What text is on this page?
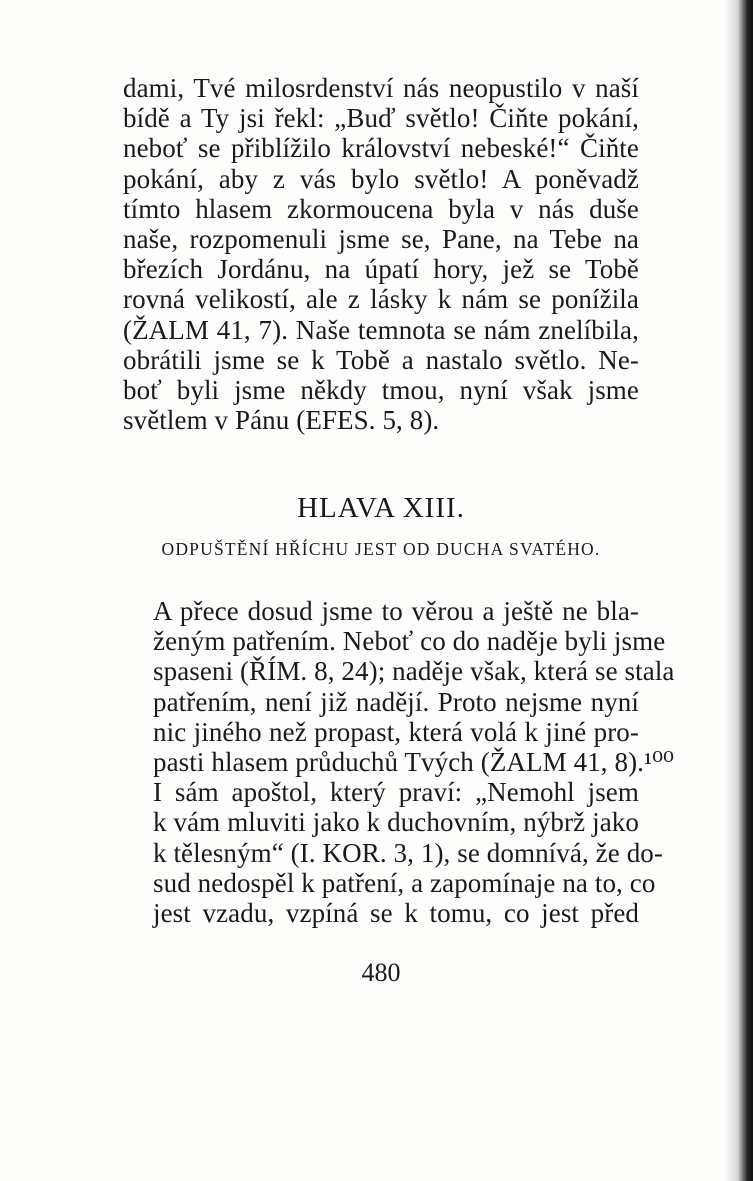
dami, Tvé milosrdenství nás neopustilo v naší
bídě a Ty jsi řekl: „Buď světlo! Čiňte pokání,
neboť se přiblížilo království nebeské!“ Čiňte
pokání, aby z vás bylo světlo! A poněvadž
tímto hlasem zkormoucena byla v nás duše
naše, rozpomenuli jsme se, Pane, na Tebe na
březích Jordánu, na úpatí hory, jež se Tobě
rovná velikostí, ale z lásky k nám se ponížila
(ŽALM 41, 7). Naše temnota se nám znelíbila,
obrátili jsme se k Tobě a nastalo světlo. Ne-
boť byli jsme někdy tmou, nyní však jsme
světlem v Pánu (EFES. 5, 8).
HLAVA XIII.
ODPUŠTĚNÍ HŘÍCHU JEST OD DUCHA SVATÉHO.
A přece dosud jsme to věrou a ještě ne bla-
ženým patřením. Neboť co do naděje byli jsme
spaseni (ŘÍM. 8, 24); naděje však, která se stala
patřením, není již nadějí. Proto nejsme nyní
nic jiného než propast, která volá k jiné pro-
pasti hlasem průduchů Tvých (ŽALM 41, 8).¹⁰⁰
I sám apoštol, který praví: „Nemohl jsem
k vám mluviti jako k duchovním, nýbrž jako
k tělesným“ (I. KOR. 3, 1), se domnívá, že do-
sud nedospěl k patření, a zapomínaje na to, co
jest vzadu, vzpíná se k tomu, co jest před
480
